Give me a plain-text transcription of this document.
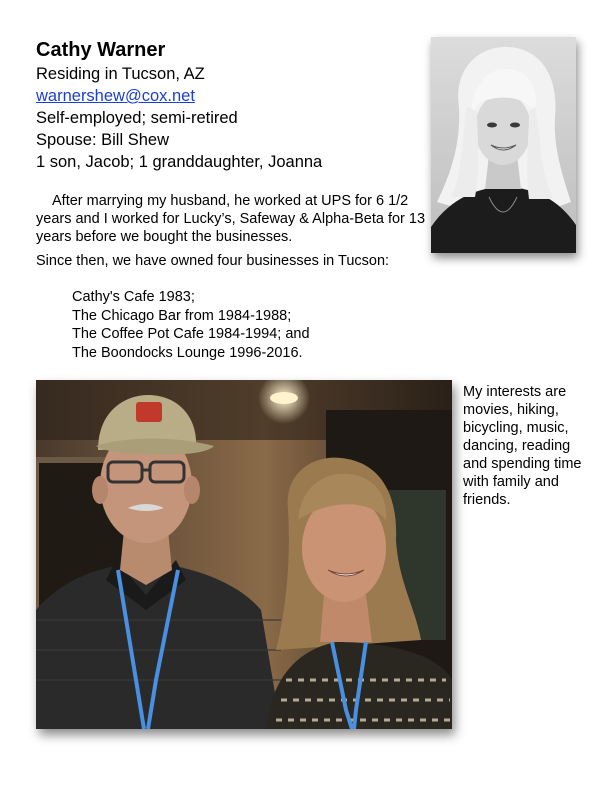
Cathy Warner
Residing in Tucson, AZ
warnershew@cox.net
Self-employed; semi-retired
Spouse: Bill Shew
1 son, Jacob; 1 granddaughter, Joanna
After marrying my husband, he worked at UPS for 6 1/2 years and I worked for Lucky’s, Safeway & Alpha-Beta for 13 years before we bought the businesses.
Since then, we have owned four businesses in Tucson:
Cathy's Cafe 1983;
The Chicago Bar from 1984-1988;
The Coffee Pot Cafe 1984-1994; and
The Boondocks Lounge 1996-2016.
My interests are movies, hiking, bicycling, music, dancing, reading and spending time with family and friends.
